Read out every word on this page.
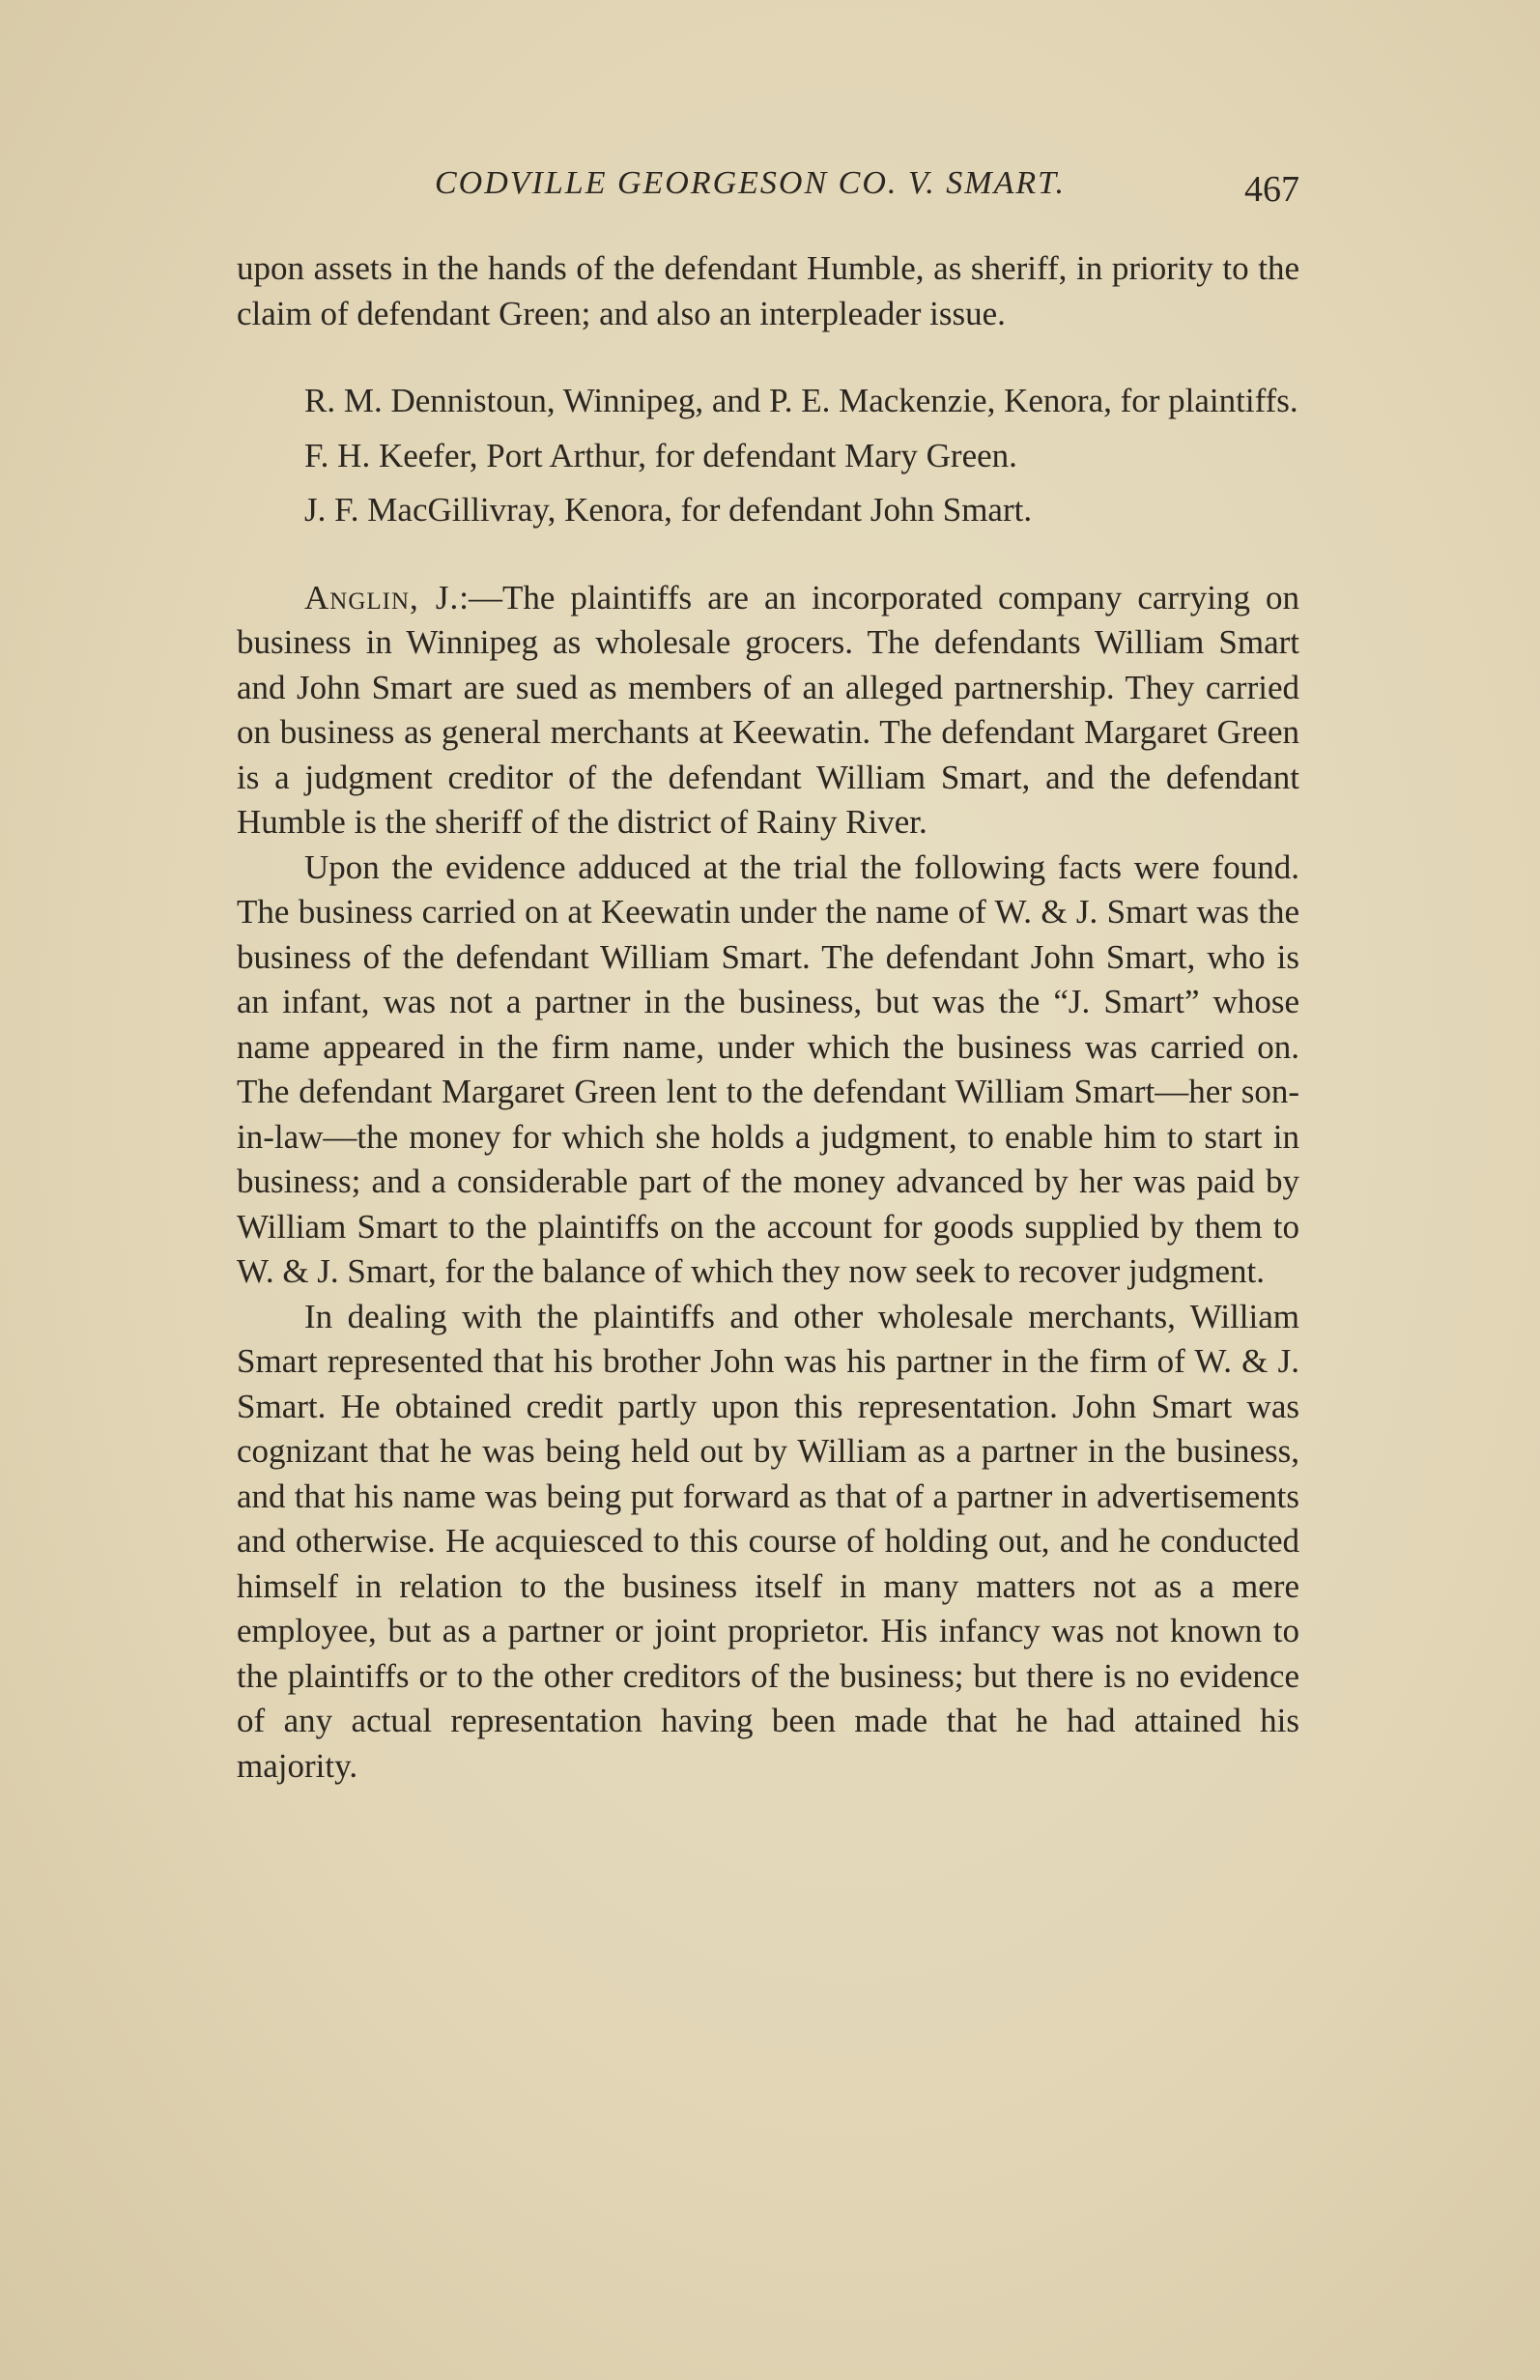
CODVILLE GEORGESON CO. V. SMART.	467

upon assets in the hands of the defendant Humble, as sheriff, in priority to the claim of defendant Green; and also an interpleader issue.

R. M. Dennistoun, Winnipeg, and P. E. Mackenzie, Kenora, for plaintiffs.

F. H. Keefer, Port Arthur, for defendant Mary Green.

J. F. MacGillivray, Kenora, for defendant John Smart.

Anglin, J.:—The plaintiffs are an incorporated company carrying on business in Winnipeg as wholesale grocers. The defendants William Smart and John Smart are sued as members of an alleged partnership. They carried on business as general merchants at Keewatin. The defendant Margaret Green is a judgment creditor of the defendant William Smart, and the defendant Humble is the sheriff of the district of Rainy River.

Upon the evidence adduced at the trial the following facts were found. The business carried on at Keewatin under the name of W. & J. Smart was the business of the defendant William Smart. The defendant John Smart, who is an infant, was not a partner in the business, but was the “J. Smart” whose name appeared in the firm name, under which the business was carried on. The defendant Margaret Green lent to the defendant William Smart—her son-in-law—the money for which she holds a judgment, to enable him to start in business; and a considerable part of the money advanced by her was paid by William Smart to the plaintiffs on the account for goods supplied by them to W. & J. Smart, for the balance of which they now seek to recover judgment.

In dealing with the plaintiffs and other wholesale merchants, William Smart represented that his brother John was his partner in the firm of W. & J. Smart. He obtained credit partly upon this representation. John Smart was cognizant that he was being held out by William as a partner in the business, and that his name was being put forward as that of a partner in advertisements and otherwise. He acquiesced to this course of holding out, and he conducted himself in relation to the business itself in many matters not as a mere employee, but as a partner or joint proprietor. His infancy was not known to the plaintiffs or to the other creditors of the business; but there is no evidence of any actual representation having been made that he had attained his majority.
